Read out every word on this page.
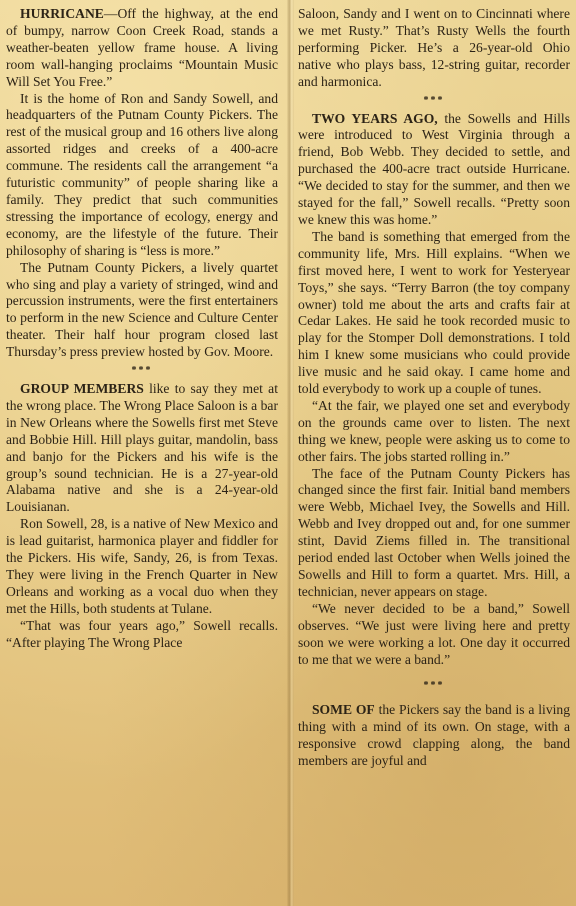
HURRICANE—Off the highway, at the end of bumpy, narrow Coon Creek Road, stands a weather-beaten yellow frame house. A living room wall-hanging proclaims “Mountain Music Will Set You Free.”

It is the home of Ron and Sandy Sowell, and headquarters of the Putnam County Pickers. The rest of the musical group and 16 others live along assorted ridges and creeks of a 400-acre commune. The residents call the arrangement “a futuristic community” of people sharing like a family. They predict that such communities stressing the importance of ecology, energy and economy, are the lifestyle of the future. Their philosophy of sharing is “less is more.”

The Putnam County Pickers, a lively quartet who sing and play a variety of stringed, wind and percussion instruments, were the first entertainers to perform in the new Science and Culture Center theater. Their half hour program closed last Thursday’s press preview hosted by Gov. Moore.

***

GROUP MEMBERS like to say they met at the wrong place. The Wrong Place Saloon is a bar in New Orleans where the Sowells first met Steve and Bobbie Hill. Hill plays guitar, mandolin, bass and banjo for the Pickers and his wife is the group’s sound technician. He is a 27-year-old Alabama native and she is a 24-year-old Louisianan.

Ron Sowell, 28, is a native of New Mexico and is lead guitarist, harmonica player and fiddler for the Pickers. His wife, Sandy, 26, is from Texas. They were living in the French Quarter in New Orleans and working as a vocal duo when they met the Hills, both students at Tulane.

“That was four years ago,” Sowell recalls. “After playing The Wrong Place

Saloon, Sandy and I went on to Cincinnati where we met Rusty.” That’s Rusty Wells the fourth performing Picker. He’s a 26-year-old Ohio native who plays bass, 12-string guitar, recorder and harmonica.

***

TWO YEARS AGO, the Sowells and Hills were introduced to West Virginia through a friend, Bob Webb. They decided to settle, and purchased the 400-acre tract outside Hurricane. “We decided to stay for the summer, and then we stayed for the fall,” Sowell recalls. “Pretty soon we knew this was home.”

The band is something that emerged from the community life, Mrs. Hill explains. “When we first moved here, I went to work for Yesteryear Toys,” she says. “Terry Barron (the toy company owner) told me about the arts and crafts fair at Cedar Lakes. He said he took recorded music to play for the Stomper Doll demonstrations. I told him I knew some musicians who could provide live music and he said okay. I came home and told everybody to work up a couple of tunes.

“At the fair, we played one set and everybody on the grounds came over to listen. The next thing we knew, people were asking us to come to other fairs. The jobs started rolling in.”

The face of the Putnam County Pickers has changed since the first fair. Initial band members were Webb, Michael Ivey, the Sowells and Hill. Webb and Ivey dropped out and, for one summer stint, David Ziems filled in. The transitional period ended last October when Wells joined the Sowells and Hill to form a quartet. Mrs. Hill, a technician, never appears on stage.

“We never decided to be a band,” Sowell observes. “We just were living here and pretty soon we were working a lot. One day it occurred to me that we were a band.”

***

SOME OF the Pickers say the band is a living thing with a mind of its own. On stage, with a responsive crowd clapping along, the band members are joyful and
